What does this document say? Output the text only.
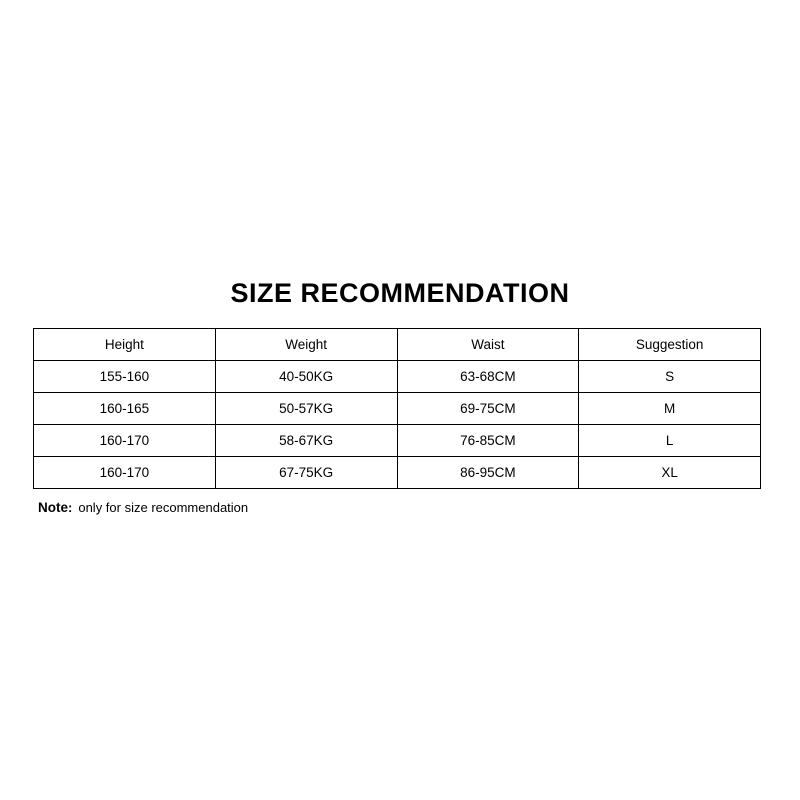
SIZE RECOMMENDATION
Height	Weight	Waist	Suggestion
155-160	40-50KG	63-68CM	S
160-165	50-57KG	69-75CM	M
160-170	58-67KG	76-85CM	L
160-170	67-75KG	86-95CM	XL
Note: only for size recommendation
